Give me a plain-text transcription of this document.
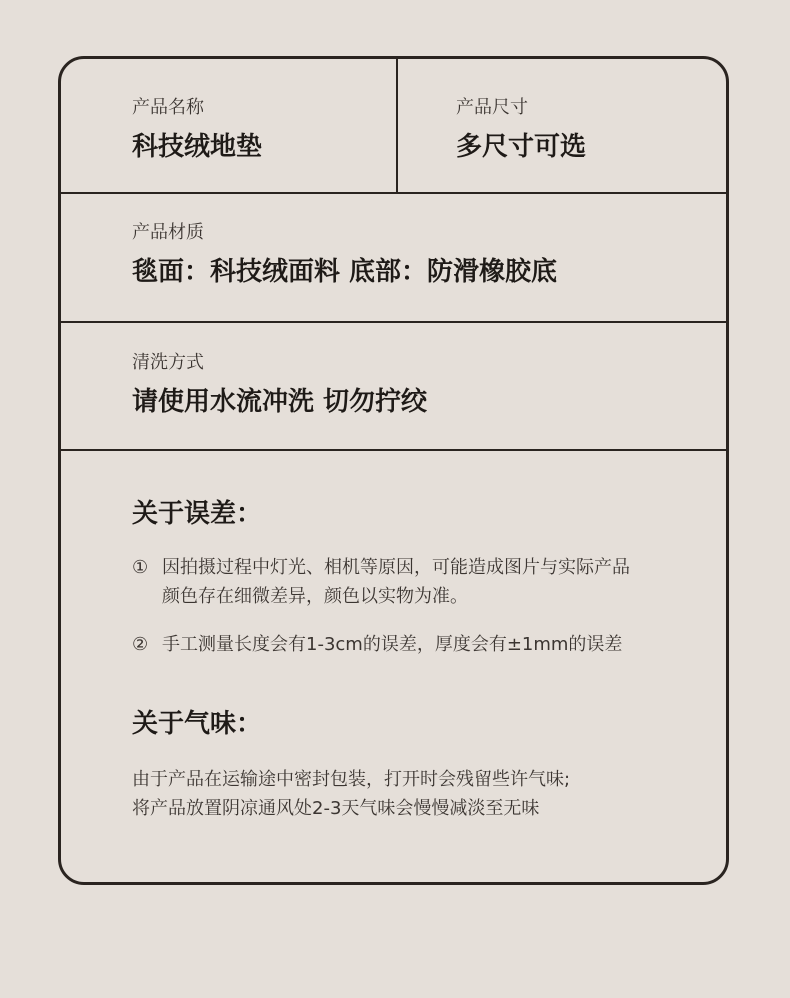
产品名称
科技绒地垫
产品尺寸
多尺寸可选
产品材质
毯面：科技绒面料 底部：防滑橡胶底
清洗方式
请使用水流冲洗 切勿拧绞
关于误差：
① 因拍摄过程中灯光、相机等原因，可能造成图片与实际产品
颜色存在细微差异，颜色以实物为准。
② 手工测量长度会有1-3cm的误差，厚度会有±1mm的误差
关于气味：
由于产品在运输途中密封包装，打开时会残留些许气味;
将产品放置阴凉通风处2-3天气味会慢慢减淡至无味
